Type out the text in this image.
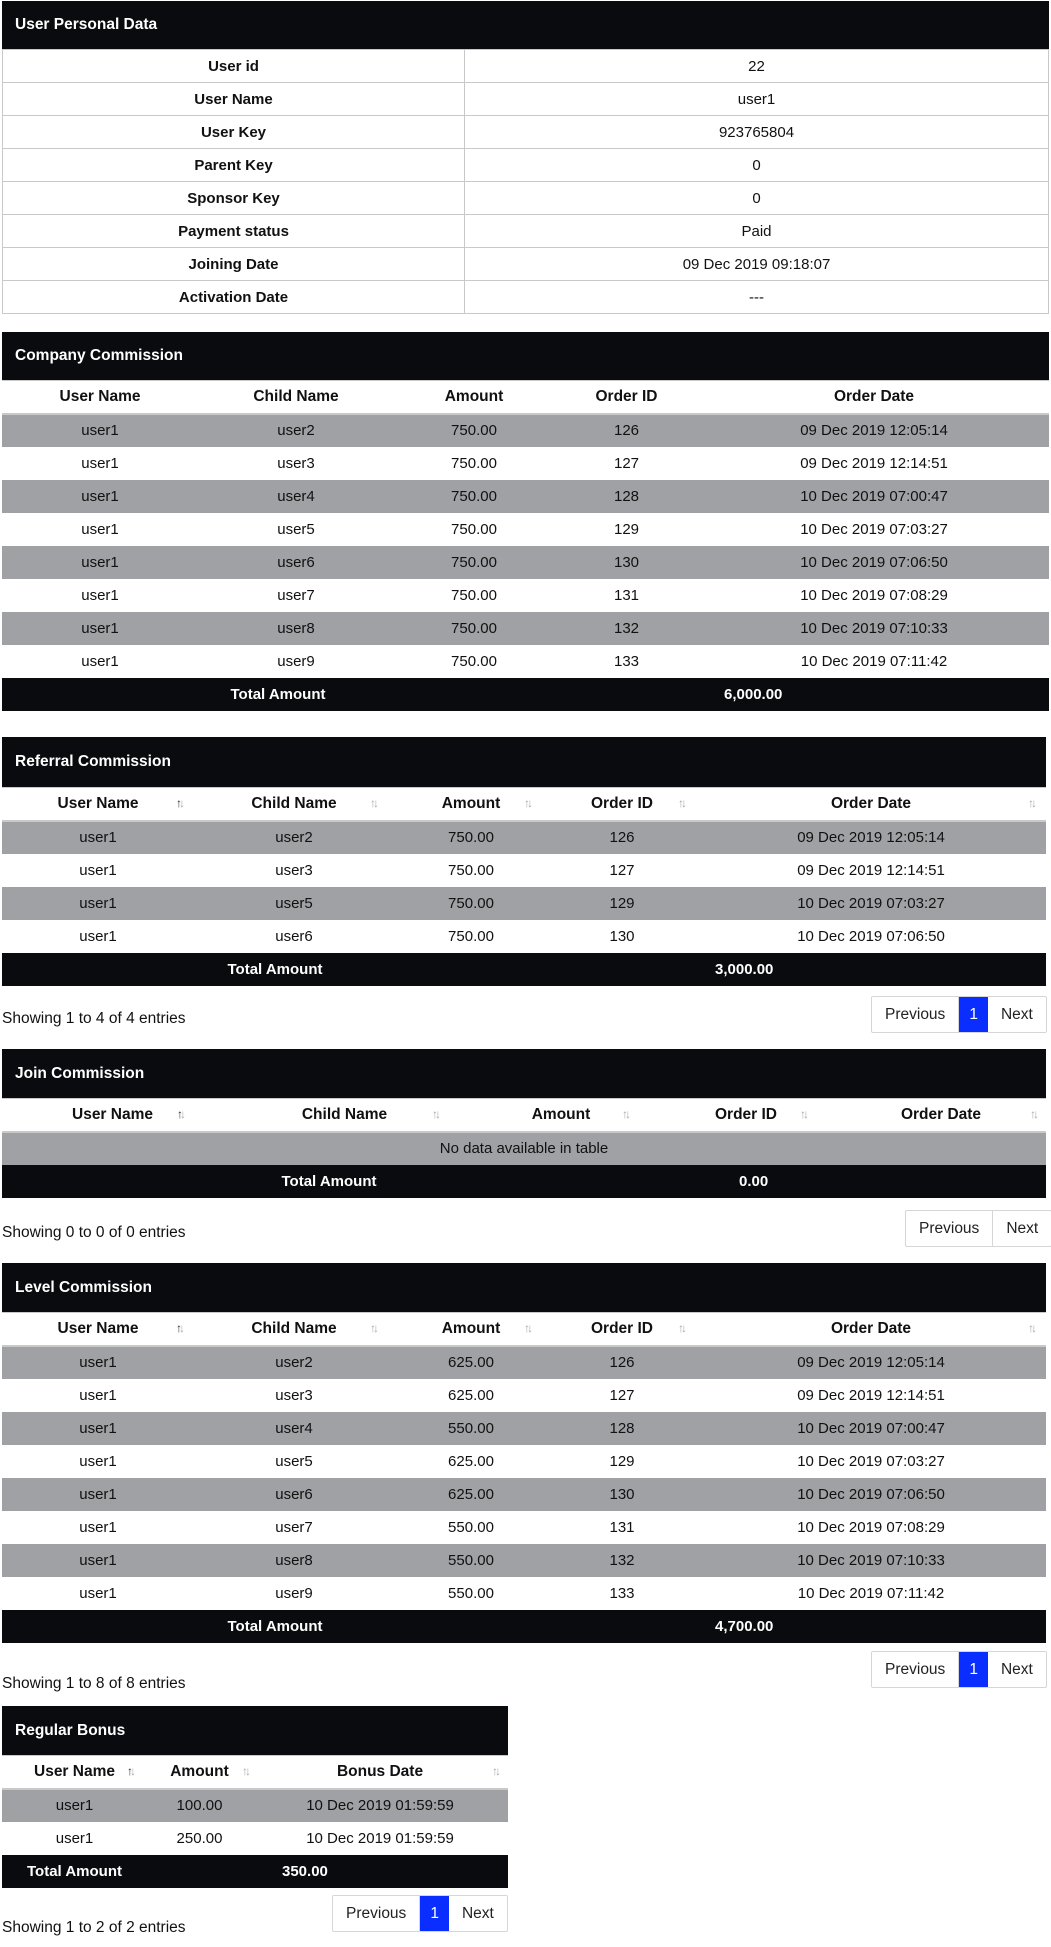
User Personal Data
User id	22
User Name	user1
User Key	923765804
Parent Key	0
Sponsor Key	0
Payment status	Paid
Joining Date	09 Dec 2019 09:18:07
Activation Date	---
Company Commission
User Name	Child Name	Amount	Order ID	Order Date
user1	user2	750.00	126	09 Dec 2019 12:05:14
user1	user3	750.00	127	09 Dec 2019 12:14:51
user1	user4	750.00	128	10 Dec 2019 07:00:47
user1	user5	750.00	129	10 Dec 2019 07:03:27
user1	user6	750.00	130	10 Dec 2019 07:06:50
user1	user7	750.00	131	10 Dec 2019 07:08:29
user1	user8	750.00	132	10 Dec 2019 07:10:33
user1	user9	750.00	133	10 Dec 2019 07:11:42
Total Amount			6,000.00	
Referral Commission
User Name ↑↓	Child Name ↑↓	Amount ↑↓	Order ID ↑↓	Order Date ↑↓

user1	user2	750.00	126	09 Dec 2019 12:05:14
user1	user3	750.00	127	09 Dec 2019 12:14:51
user1	user5	750.00	129	10 Dec 2019 07:03:27
user1	user6	750.00	130	10 Dec 2019 07:06:50
Total Amount			3,000.00	
Showing 1 to 4 of 4 entries	Previous	1	Next
Join Commission
User Name ↑↓	Child Name ↑↓	Amount ↑↓	Order ID ↑↓	Order Date ↑↓

No data available in table				
Total Amount			0.00	
Showing 0 to 0 of 0 entries	Previous	Next
Level Commission
User Name ↑↓	Child Name ↑↓	Amount ↑↓	Order ID ↑↓	Order Date ↑↓

user1	user2	625.00	126	09 Dec 2019 12:05:14
user1	user3	625.00	127	09 Dec 2019 12:14:51
user1	user4	550.00	128	10 Dec 2019 07:00:47
user1	user5	625.00	129	10 Dec 2019 07:03:27
user1	user6	625.00	130	10 Dec 2019 07:06:50
user1	user7	550.00	131	10 Dec 2019 07:08:29
user1	user8	550.00	132	10 Dec 2019 07:10:33
user1	user9	550.00	133	10 Dec 2019 07:11:42
Total Amount			4,700.00	
Showing 1 to 8 of 8 entries
Previous	1	Next
Regular Bonus
User Name ↑↓	Amount ↑↓	Bonus Date ↑↓

user1	100.00	10 Dec 2019 01:59:59
user1	250.00	10 Dec 2019 01:59:59
Total Amount	350.00	
Showing 1 to 2 of 2 entries
Previous	1	Next
